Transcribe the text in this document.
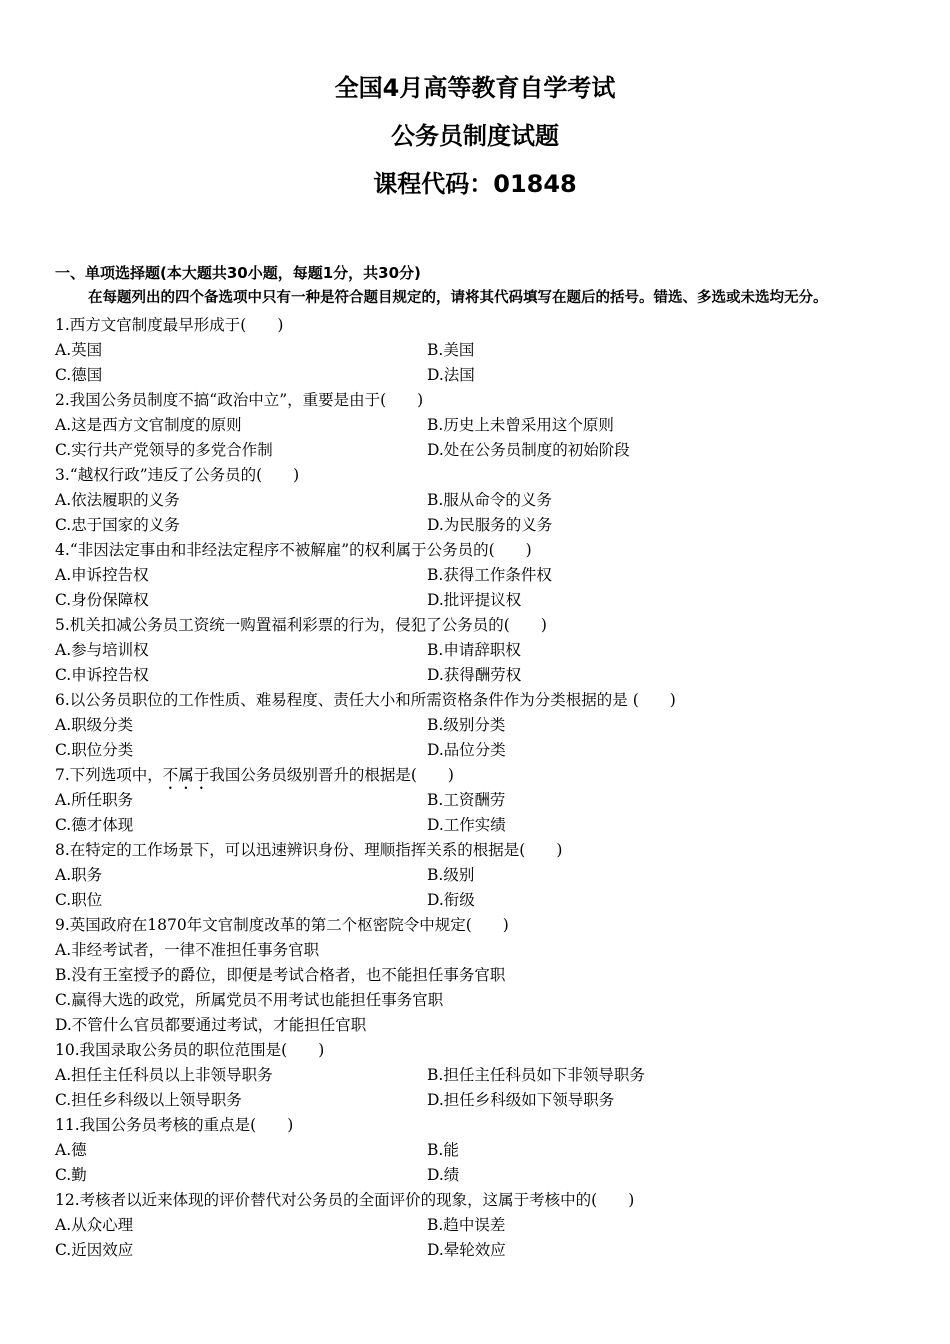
全国4月高等教育自学考试
公务员制度试题
课程代码：01848
一、单项选择题(本大题共30小题，每题1分，共30分)
在每题列出的四个备选项中只有一种是符合题目规定的，请将其代码填写在题后的括号。错选、多选或未选均无分。
1.西方文官制度最早形成于(　　)
A.英国	B.美国
C.德国	D.法国
2.我国公务员制度不搞“政治中立”，重要是由于(　　)
A.这是西方文官制度的原则	B.历史上未曾采用这个原则
C.实行共产党领导的多党合作制	D.处在公务员制度的初始阶段
3.“越权行政”违反了公务员的(　　)
A.依法履职的义务	B.服从命令的义务
C.忠于国家的义务	D.为民服务的义务
4.“非因法定事由和非经法定程序不被解雇”的权利属于公务员的(　　)
A.申诉控告权	B.获得工作条件权
C.身份保障权	D.批评提议权
5.机关扣减公务员工资统一购置福利彩票的行为，侵犯了公务员的(　　)
A.参与培训权	B.申请辞职权
C.申诉控告权	D.获得酬劳权
6.以公务员职位的工作性质、难易程度、责任大小和所需资格条件作为分类根据的是 (　　)
A.职级分类	B.级别分类
C.职位分类	D.品位分类
7.下列选项中，不属于我国公务员级别晋升的根据是(　　)
A.所任职务	B.工资酬劳
C.德才体现	D.工作实绩
8.在特定的工作场景下，可以迅速辨识身份、理顺指挥关系的根据是(　　)
A.职务	B.级别
C.职位	D.衔级
9.英国政府在1870年文官制度改革的第二个枢密院令中规定(　　)
A.非经考试者，一律不准担任事务官职
B.没有王室授予的爵位，即便是考试合格者，也不能担任事务官职
C.赢得大选的政党，所属党员不用考试也能担任事务官职
D.不管什么官员都要通过考试，才能担任官职
10.我国录取公务员的职位范围是(　　)
A.担任主任科员以上非领导职务	B.担任主任科员如下非领导职务
C.担任乡科级以上领导职务	D.担任乡科级如下领导职务
11.我国公务员考核的重点是(　　)
A.德	B.能
C.勤	D.绩
12.考核者以近来体现的评价替代对公务员的全面评价的现象，这属于考核中的(　　)
A.从众心理	B.趋中误差
C.近因效应	D.晕轮效应
